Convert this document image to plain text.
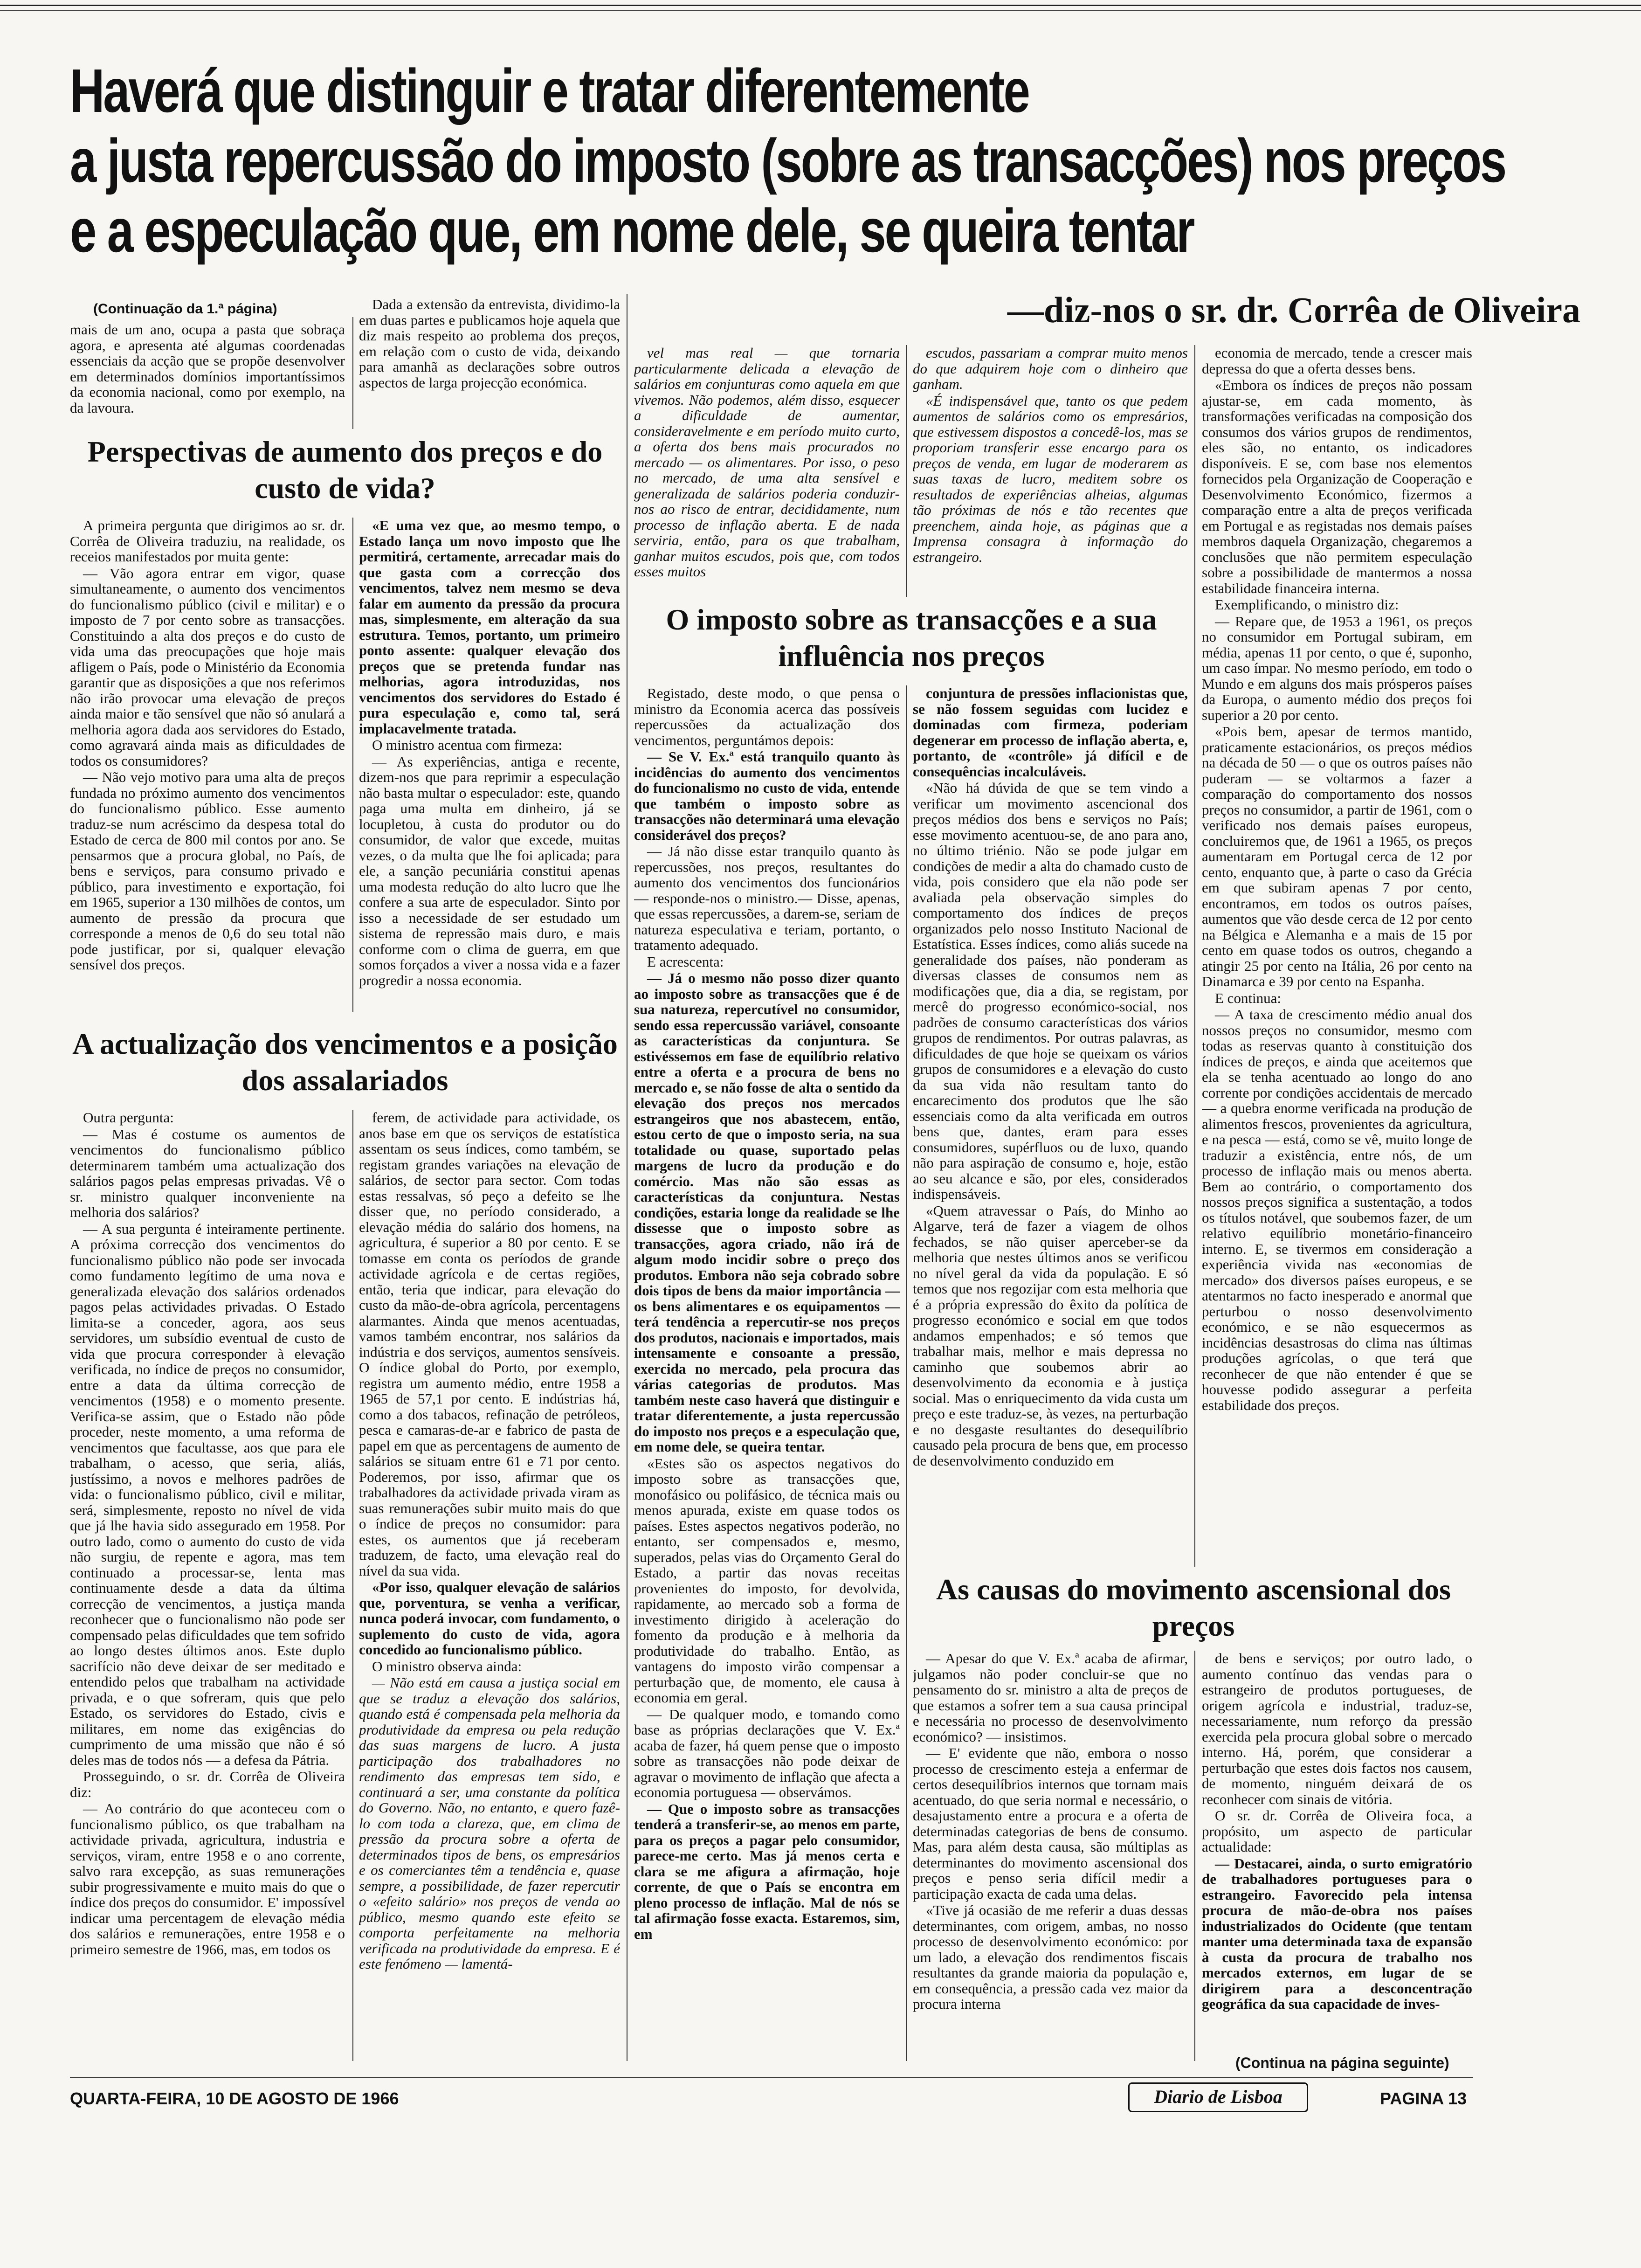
Haverá que distinguir e tratar diferentemente
a justa repercussão do imposto (sobre as transacções) nos preços
e a especulação que, em nome dele, se queira tentar
(Continuação da 1.ª página)	—diz-nos o sr. dr. Corrêa de Oliveira

mais de um ano, ocupa a pasta que sobraça agora, e apresenta até algumas coordenadas essenciais da acção que se propõe desenvolver em determinados domínios importantíssimos da economia nacional, como por exemplo, na da lavoura.

Dada a extensão da entrevista, dividimo-la em duas partes e publicamos hoje aquela que diz mais respeito ao problema dos preços, em relação com o custo de vida, deixando para amanhã as declarações sobre outros aspectos de larga projecção económica.

Perspectivas de aumento dos preços e do custo de vida?

A primeira pergunta que dirigimos ao sr. dr. Corrêa de Oliveira traduziu, na realidade, os receios manifestados por muita gente:

— Vão agora entrar em vigor, quase simultaneamente, o aumento dos vencimentos do funcionalismo público (civil e militar) e o imposto de 7 por cento sobre as transacções. Constituindo a alta dos preços e do custo de vida uma das preocupações que hoje mais afligem o País, pode o Ministério da Economia garantir que as disposições a que nos referimos não irão provocar uma elevação de preços ainda maior e tão sensível que não só anulará a melhoria agora dada aos servidores do Estado, como agravará ainda mais as dificuldades de todos os consumidores?

— Não vejo motivo para uma alta de preços fundada no próximo aumento dos vencimentos do funcionalismo público. Esse aumento traduz-se num acréscimo da despesa total do Estado de cerca de 800 mil contos por ano. Se pensarmos que a procura global, no País, de bens e serviços, para consumo privado e público, para investimento e exportação, foi em 1965, superior a 130 milhões de contos, um aumento de pressão da procura que corresponde a menos de 0,6 do seu total não pode justificar, por si, qualquer elevação sensível dos preços.

«E uma vez que, ao mesmo tempo, o Estado lança um novo imposto que lhe permitirá, certamente, arrecadar mais do que gasta com a correcção dos vencimentos, talvez nem mesmo se deva falar em aumento da pressão da procura mas, simplesmente, em alteração da sua estrutura. Temos, portanto, um primeiro ponto assente: qualquer elevação dos preços que se pretenda fundar nas melhorias, agora introduzidas, nos vencimentos dos servidores do Estado é pura especulação e, como tal, será implacavelmente tratada.

O ministro acentua com firmeza:

— As experiências, antiga e recente, dizem-nos que para reprimir a especulação não basta multar o especulador: este, quando paga uma multa em dinheiro, já se locupletou, à custa do produtor ou do consumidor, de valor que excede, muitas vezes, o da multa que lhe foi aplicada; para ele, a sanção pecuniária constitui apenas uma modesta redução do alto lucro que lhe confere a sua arte de especulador. Sinto por isso a necessidade de ser estudado um sistema de repressão mais duro, e mais conforme com o clima de guerra, em que somos forçados a viver a nossa vida e a fazer progredir a nossa economia.

A actualização dos vencimentos e a posição dos assalariados

Outra pergunta:

— Mas é costume os aumentos de vencimentos do funcionalismo público determinarem também uma actualização dos salários pagos pelas empresas privadas. Vê o sr. ministro qualquer inconveniente na melhoria dos salários?

— A sua pergunta é inteiramente pertinente. A próxima correcção dos vencimentos do funcionalismo público não pode ser invocada como fundamento legítimo de uma nova e generalizada elevação dos salários ordenados pagos pelas actividades privadas. O Estado limita-se a conceder, agora, aos seus servidores, um subsídio eventual de custo de vida que procura corresponder à elevação verificada, no índice de preços no consumidor, entre a data da última correcção de vencimentos (1958) e o momento presente. Verifica-se assim, que o Estado não pôde proceder, neste momento, a uma reforma de vencimentos que facultasse, aos que para ele trabalham, o acesso, que seria, aliás, justíssimo, a novos e melhores padrões de vida: o funcionalismo público, civil e militar, será, simplesmente, reposto no nível de vida que já lhe havia sido assegurado em 1958. Por outro lado, como o aumento do custo de vida não surgiu, de repente e agora, mas tem continuado a processar-se, lenta mas continuamente desde a data da última correcção de vencimentos, a justiça manda reconhecer que o funcionalismo não pode ser compensado pelas dificuldades que tem sofrido ao longo destes últimos anos. Este duplo sacrifício não deve deixar de ser meditado e entendido pelos que trabalham na actividade privada, e o que sofreram, quis que pelo Estado, os servidores do Estado, civis e militares, em nome das exigências do cumprimento de uma missão que não é só deles mas de todos nós — a defesa da Pátria.

Prosseguindo, o sr. dr. Corrêa de Oliveira diz:

— Ao contrário do que aconteceu com o funcionalismo público, os que trabalham na actividade privada, agricultura, industria e serviços, viram, entre 1958 e o ano corrente, salvo rara excepção, as suas remunerações subir progressivamente e muito mais do que o índice dos preços do consumidor. E' impossível indicar uma percentagem de elevação média dos salários e remunerações, entre 1958 e o primeiro semestre de 1966, mas, em todos os

ferem, de actividade para actividade, os anos base em que os serviços de estatística assentam os seus índices, como também, se registam grandes variações na elevação de salários, de sector para sector. Com todas estas ressalvas, só peço a defeito se lhe disser que, no período considerado, a elevação média do salário dos homens, na agricultura, é superior a 80 por cento. E se tomasse em conta os períodos de grande actividade agrícola e de certas regiões, então, teria que indicar, para elevação do custo da mão-de-obra agrícola, percentagens alarmantes. Ainda que menos acentuadas, vamos também encontrar, nos salários da indústria e dos serviços, aumentos sensíveis. O índice global do Porto, por exemplo, registra um aumento médio, entre 1958 a 1965 de 57,1 por cento. E indústrias há, como a dos tabacos, refinação de petróleos, pesca e camaras-de-ar e fabrico de pasta de papel em que as percentagens de aumento de salários se situam entre 61 e 71 por cento. Poderemos, por isso, afirmar que os trabalhadores da actividade privada viram as suas remunerações subir muito mais do que o índice de preços no consumidor: para estes, os aumentos que já receberam traduzem, de facto, uma elevação real do nível da sua vida.

«Por isso, qualquer elevação de salários que, porventura, se venha a verificar, nunca poderá invocar, com fundamento, o suplemento do custo de vida, agora concedido ao funcionalismo público.

O ministro observa ainda:

— Não está em causa a justiça social em que se traduz a elevação dos salários, quando está é compensada pela melhoria da produtividade da empresa ou pela redução das suas margens de lucro. A justa participação dos trabalhadores no rendimento das empresas tem sido, e continuará a ser, uma constante da política do Governo. Não, no entanto, e quero fazê-lo com toda a clareza, que, em clima de pressão da procura sobre a oferta de determinados tipos de bens, os empresários e os comerciantes têm a tendência e, quase sempre, a possibilidade, de fazer repercutir o «efeito salário» nos preços de venda ao público, mesmo quando este efeito se comporta perfeitamente na melhoria verificada na produtividade da empresa. E é este fenómeno — lamentá-

vel mas real — que tornaria particularmente delicada a elevação de salários em conjunturas como aquela em que vivemos. Não podemos, além disso, esquecer a dificuldade de aumentar, consideravelmente e em período muito curto, a oferta dos bens mais procurados no mercado — os alimentares. Por isso, o peso no mercado, de uma alta sensível e generalizada de salários poderia conduzir-nos ao risco de entrar, decididamente, num processo de inflação aberta. E de nada serviria, então, para os que trabalham, ganhar muitos escudos, pois que, com todos esses muitos

escudos, passariam a comprar muito menos do que adquirem hoje com o dinheiro que ganham.

«É indispensável que, tanto os que pedem aumentos de salários como os empresários, que estivessem dispostos a concedê-los, mas se proporiam transferir esse encargo para os preços de venda, em lugar de moderarem as suas taxas de lucro, meditem sobre os resultados de experiências alheias, algumas tão próximas de nós e tão recentes que preenchem, ainda hoje, as páginas que a Imprensa consagra à informação do estrangeiro.

O imposto sobre as transacções e a sua influência nos preços

Registado, deste modo, o que pensa o ministro da Economia acerca das possíveis repercussões da actualização dos vencimentos, perguntámos depois:

— Se V. Ex.ª está tranquilo quanto às incidências do aumento dos vencimentos do funcionalismo no custo de vida, entende que também o imposto sobre as transacções não determinará uma elevação considerável dos preços?

— Já não disse estar tranquilo quanto às repercussões, nos preços, resultantes do aumento dos vencimentos dos funcionários — responde-nos o ministro.— Disse, apenas, que essas repercussões, a darem-se, seriam de natureza especulativa e teriam, portanto, o tratamento adequado.

E acrescenta:

— Já o mesmo não posso dizer quanto ao imposto sobre as transacções que é de sua natureza, repercutível no consumidor, sendo essa repercussão variável, consoante as características da conjuntura. Se estivéssemos em fase de equilíbrio relativo entre a oferta e a procura de bens no mercado e, se não fosse de alta o sentido da elevação dos preços nos mercados estrangeiros que nos abastecem, então, estou certo de que o imposto seria, na sua totalidade ou quase, suportado pelas margens de lucro da produção e do comércio. Mas não são essas as características da conjuntura. Nestas condições, estaria longe da realidade se lhe dissesse que o imposto sobre as transacções, agora criado, não irá de algum modo incidir sobre o preço dos produtos. Embora não seja cobrado sobre dois tipos de bens da maior importância — os bens alimentares e os equipamentos — terá tendência a repercutir-se nos preços dos produtos, nacionais e importados, mais intensamente e consoante a pressão, exercida no mercado, pela procura das várias categorias de produtos. Mas também neste caso haverá que distinguir e tratar diferentemente, a justa repercussão do imposto nos preços e a especulação que, em nome dele, se queira tentar.

«Estes são os aspectos negativos do imposto sobre as transacções que, monofásico ou polifásico, de técnica mais ou menos apurada, existe em quase todos os países. Estes aspectos negativos poderão, no entanto, ser compensados e, mesmo, superados, pelas vias do Orçamento Geral do Estado, a partir das novas receitas provenientes do imposto, for devolvida, rapidamente, ao mercado sob a forma de investimento dirigido à aceleração do fomento da produção e à melhoria da produtividade do trabalho. Então, as vantagens do imposto virão compensar a perturbação que, de momento, ele causa à economia em geral.

— De qualquer modo, e tomando como base as próprias declarações que V. Ex.ª acaba de fazer, há quem pense que o imposto sobre as transacções não pode deixar de agravar o movimento de inflação que afecta a economia portuguesa — observámos.

— Que o imposto sobre as transacções tenderá a transferir-se, ao menos em parte, para os preços a pagar pelo consumidor, parece-me certo. Mas já menos certa e clara se me afigura a afirmação, hoje corrente, de que o País se encontra em pleno processo de inflação. Mal de nós se tal afirmação fosse exacta. Estaremos, sim, em

conjuntura de pressões inflacionistas que, se não fossem seguidas com lucidez e dominadas com firmeza, poderiam degenerar em processo de inflação aberta, e, portanto, de «contrôle» já difícil e de consequências incalculáveis.

«Não há dúvida de que se tem vindo a verificar um movimento ascencional dos preços médios dos bens e serviços no País; esse movimento acentuou-se, de ano para ano, no último triénio. Não se pode julgar em condições de medir a alta do chamado custo de vida, pois considero que ela não pode ser avaliada pela observação simples do comportamento dos índices de preços organizados pelo nosso Instituto Nacional de Estatística. Esses índices, como aliás sucede na generalidade dos países, não ponderam as diversas classes de consumos nem as modificações que, dia a dia, se registam, por mercê do progresso económico-social, nos padrões de consumo características dos vários grupos de rendimentos. Por outras palavras, as dificuldades de que hoje se queixam os vários grupos de consumidores e a elevação do custo da sua vida não resultam tanto do encarecimento dos produtos que lhe são essenciais como da alta verificada em outros bens que, dantes, eram para esses consumidores, supérfluos ou de luxo, quando não para aspiração de consumo e, hoje, estão ao seu alcance e são, por eles, considerados indispensáveis.

«Quem atravessar o País, do Minho ao Algarve, terá de fazer a viagem de olhos fechados, se não quiser aperceber-se da melhoria que nestes últimos anos se verificou no nível geral da vida da população. E só temos que nos regozijar com esta melhoria que é a própria expressão do êxito da política de progresso económico e social em que todos andamos empenhados; e só temos que trabalhar mais, melhor e mais depressa no caminho que soubemos abrir ao desenvolvimento da economia e à justiça social. Mas o enriquecimento da vida custa um preço e este traduz-se, às vezes, na perturbação e no desgaste resultantes do desequilíbrio causado pela procura de bens que, em processo de desenvolvimento conduzido em

economia de mercado, tende a crescer mais depressa do que a oferta desses bens.

«Embora os índices de preços não possam ajustar-se, em cada momento, às transformações verificadas na composição dos consumos dos vários grupos de rendimentos, eles são, no entanto, os indicadores disponíveis. E se, com base nos elementos fornecidos pela Organização de Cooperação e Desenvolvimento Económico, fizermos a comparação entre a alta de preços verificada em Portugal e as registadas nos demais países membros daquela Organização, chegaremos a conclusões que não permitem especulação sobre a possibilidade de mantermos a nossa estabilidade financeira interna.

Exemplificando, o ministro diz:

— Repare que, de 1953 a 1961, os preços no consumidor em Portugal subiram, em média, apenas 11 por cento, o que é, suponho, um caso ímpar. No mesmo período, em todo o Mundo e em alguns dos mais prósperos países da Europa, o aumento médio dos preços foi superior a 20 por cento.

«Pois bem, apesar de termos mantido, praticamente estacionários, os preços médios na década de 50 — o que os outros países não puderam — se voltarmos a fazer a comparação do comportamento dos nossos preços no consumidor, a partir de 1961, com o verificado nos demais países europeus, concluiremos que, de 1961 a 1965, os preços aumentaram em Portugal cerca de 12 por cento, enquanto que, à parte o caso da Grécia em que subiram apenas 7 por cento, encontramos, em todos os outros países, aumentos que vão desde cerca de 12 por cento na Bélgica e Alemanha e a mais de 15 por cento em quase todos os outros, chegando a atingir 25 por cento na Itália, 26 por cento na Dinamarca e 39 por cento na Espanha.

E continua:

— A taxa de crescimento médio anual dos nossos preços no consumidor, mesmo com todas as reservas quanto à constituição dos índices de preços, e ainda que aceitemos que ela se tenha acentuado ao longo do ano corrente por condições accidentais de mercado — a quebra enorme verificada na produção de alimentos frescos, provenientes da agricultura, e na pesca — está, como se vê, muito longe de traduzir a existência, entre nós, de um processo de inflação mais ou menos aberta. Bem ao contrário, o comportamento dos nossos preços significa a sustentação, a todos os títulos notável, que soubemos fazer, de um relativo equilíbrio monetário-financeiro interno. E, se tivermos em consideração a experiência vivida nas «economias de mercado» dos diversos países europeus, e se atentarmos no facto inesperado e anormal que perturbou o nosso desenvolvimento económico, e se não esquecermos as incidências desastrosas do clima nas últimas produções agrícolas, o que terá que reconhecer de que não entender é que se houvesse podido assegurar a perfeita estabilidade dos preços.

As causas do movimento ascensional dos preços

— Apesar do que V. Ex.ª acaba de afirmar, julgamos não poder concluir-se que no pensamento do sr. ministro a alta de preços de que estamos a sofrer tem a sua causa principal e necessária no processo de desenvolvimento económico? — insistimos.

— E' evidente que não, embora o nosso processo de crescimento esteja a enfermar de certos desequilíbrios internos que tornam mais acentuado, do que seria normal e necessário, o desajustamento entre a procura e a oferta de determinadas categorias de bens de consumo. Mas, para além desta causa, são múltiplas as determinantes do movimento ascensional dos preços e penso seria difícil medir a participação exacta de cada uma delas.

«Tive já ocasião de me referir a duas dessas determinantes, com origem, ambas, no nosso processo de desenvolvimento económico: por um lado, a elevação dos rendimentos fiscais resultantes da grande maioria da população e, em consequência, a pressão cada vez maior da procura interna

de bens e serviços; por outro lado, o aumento contínuo das vendas para o estrangeiro de produtos portugueses, de origem agrícola e industrial, traduz-se, necessariamente, num reforço da pressão exercida pela procura global sobre o mercado interno. Há, porém, que considerar a perturbação que estes dois factos nos causem, de momento, ninguém deixará de os reconhecer com sinais de vitória.

O sr. dr. Corrêa de Oliveira foca, a propósito, um aspecto de particular actualidade:

— Destacarei, ainda, o surto emigratório de trabalhadores portugueses para o estrangeiro. Favorecido pela intensa procura de mão-de-obra nos países industrializados do Ocidente (que tentam manter uma determinada taxa de expansão à custa da procura de trabalho nos mercados externos, em lugar de se dirigirem para a desconcentração geográfica da sua capacidade de inves-

(Continua na página seguinte)
QUARTA-FEIRA, 10 DE AGOSTO DE 1966	Diario de Lisboa	PAGINA 13
